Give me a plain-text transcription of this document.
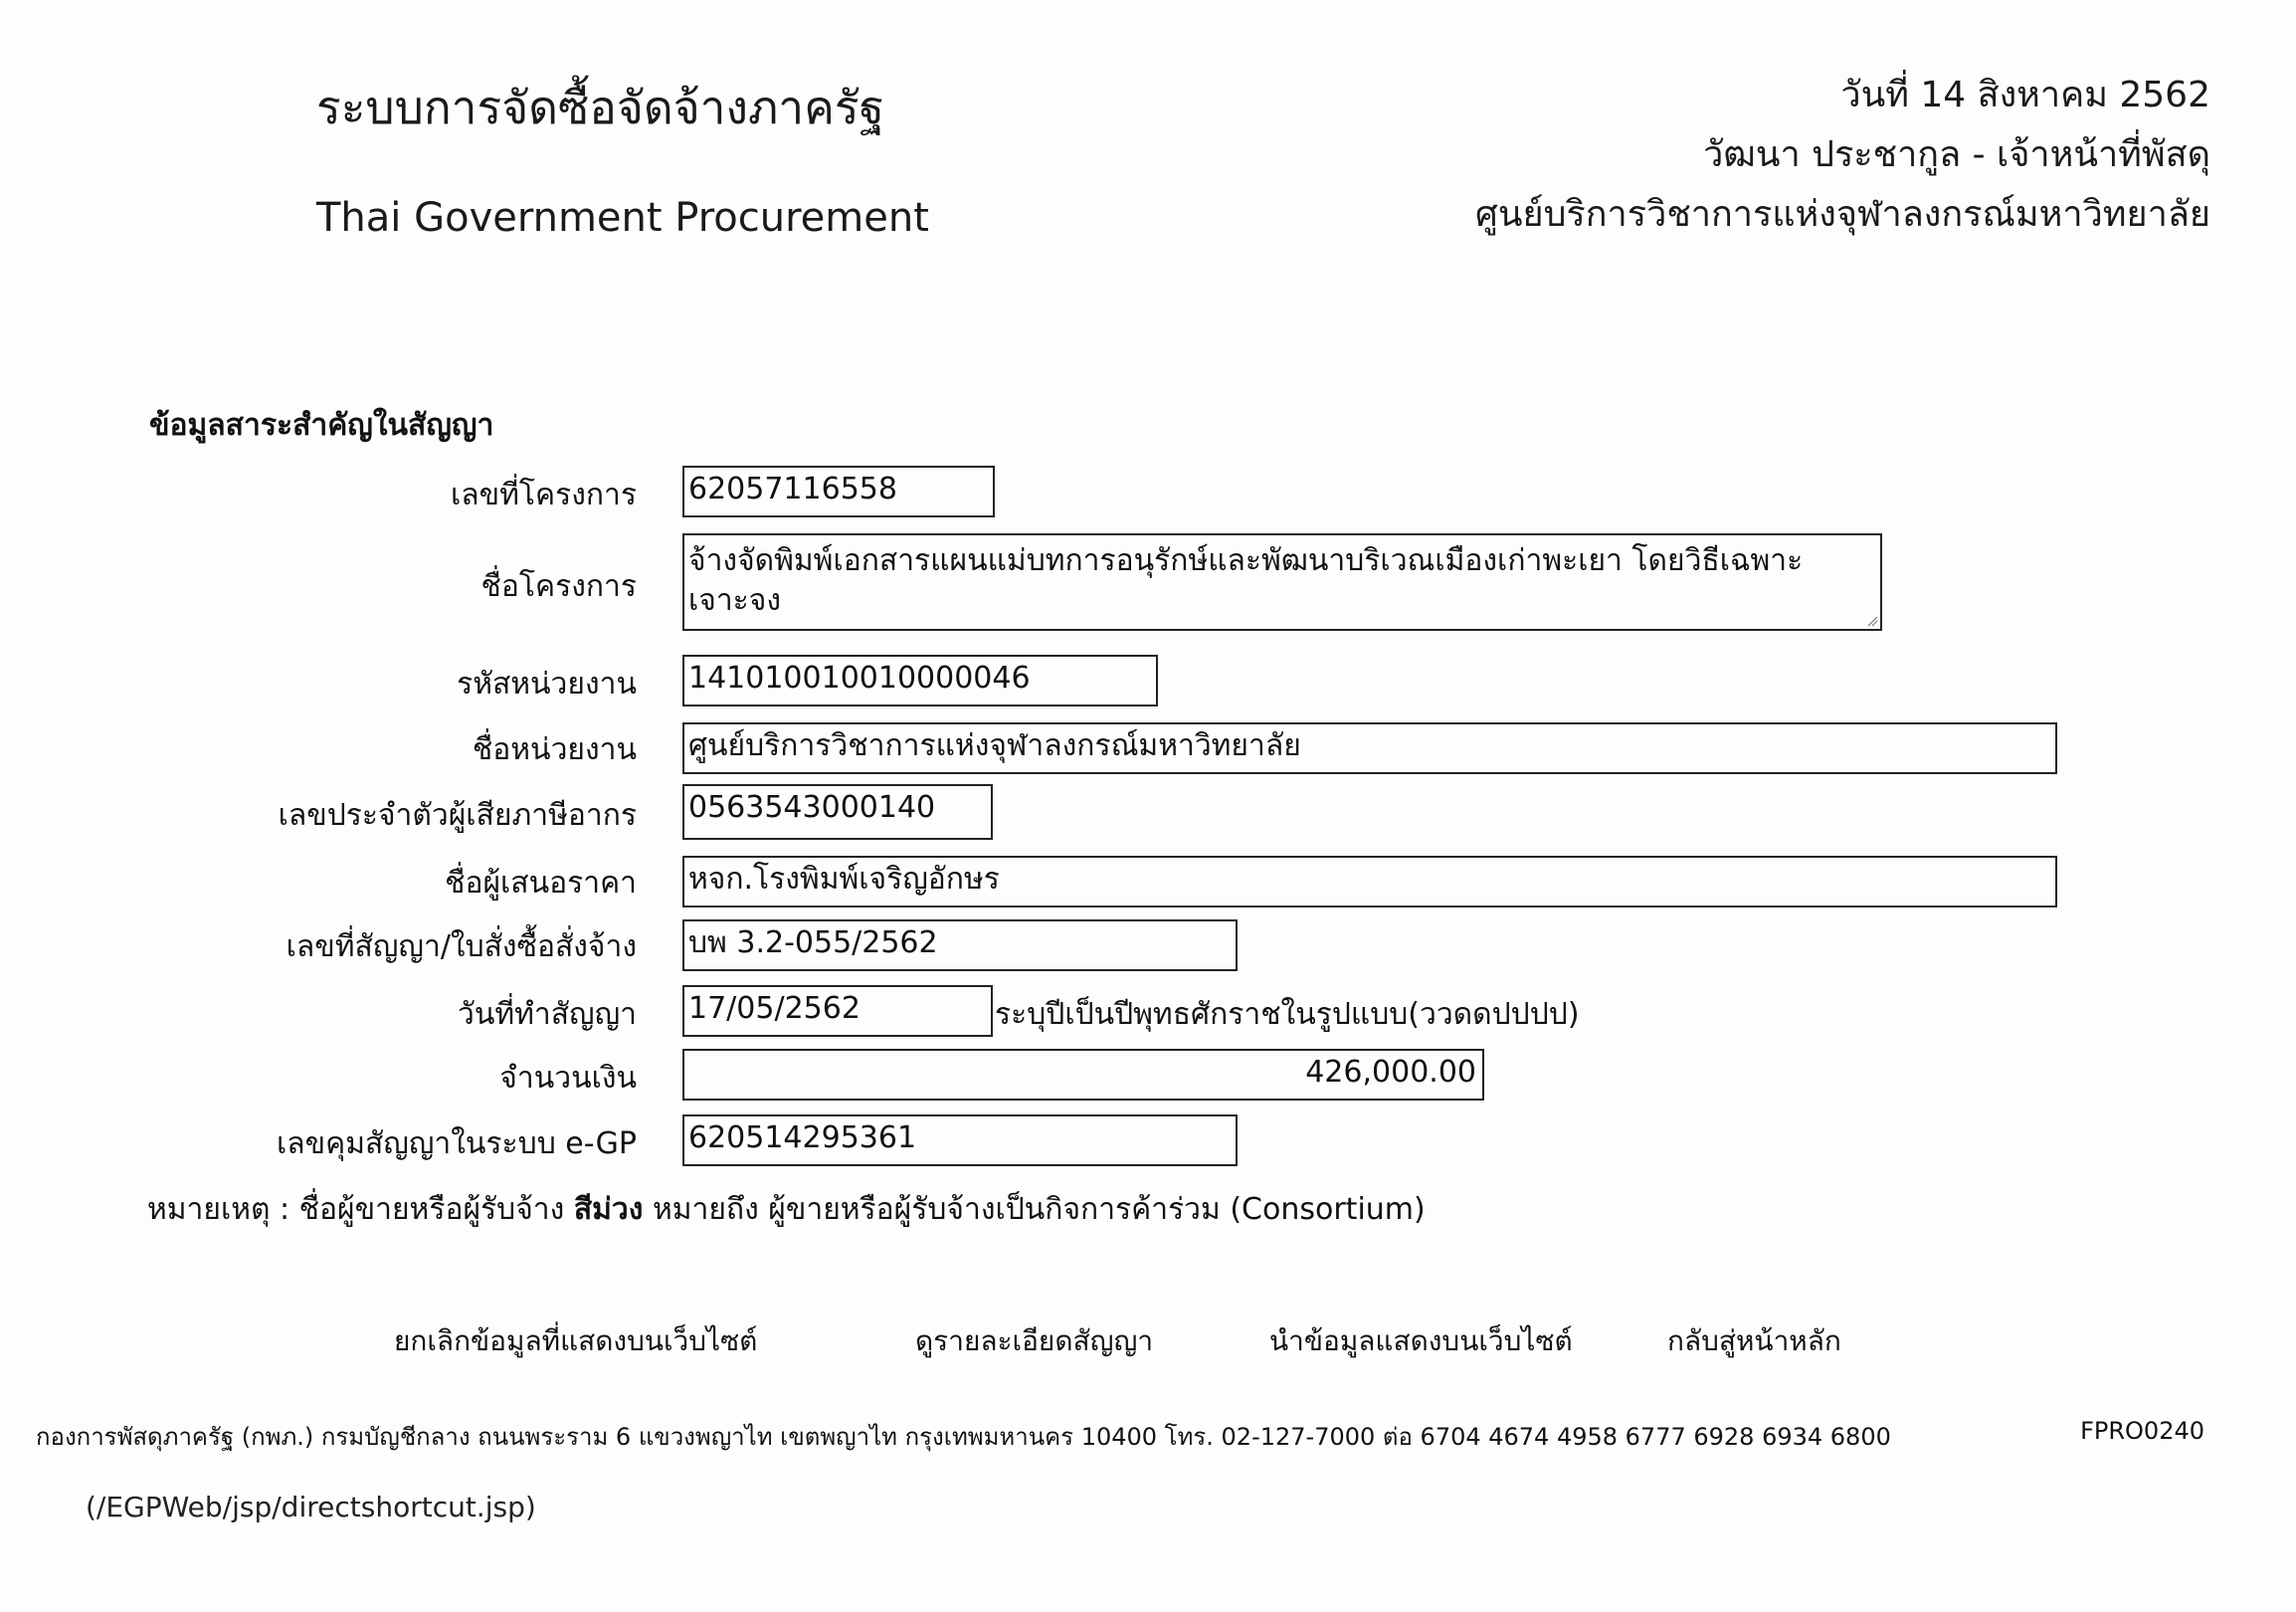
ระบบการจัดซื้อจัดจ้างภาครัฐ
Thai Government Procurement
วันที่ 14 สิงหาคม 2562
วัฒนา ประชากูล - เจ้าหน้าที่พัสดุ
ศูนย์บริการวิชาการแห่งจุฬาลงกรณ์มหาวิทยาลัย
ข้อมูลสาระสำคัญในสัญญา
เลขที่โครงการ 62057116558
ชื่อโครงการ
จ้างจัดพิมพ์เอกสารแผนแม่บทการอนุรักษ์และพัฒนาบริเวณเมืองเก่าพะเยา โดยวิธีเฉพาะเจาะจง
รหัสหน่วยงาน 141010010010000046
ชื่อหน่วยงาน ศูนย์บริการวิชาการแห่งจุฬาลงกรณ์มหาวิทยาลัย
เลขประจำตัวผู้เสียภาษีอากร 0563543000140
ชื่อผู้เสนอราคา หจก.โรงพิมพ์เจริญอักษร
เลขที่สัญญา/ใบสั่งซื้อสั่งจ้าง บพ 3.2-055/2562
วันที่ทำสัญญา 17/05/2562	ระบุปีเป็นปีพุทธศักราชในรูปแบบ(ววดดปปปป)
จำนวนเงิน	426,000.00
เลขคุมสัญญาในระบบ e-GP 620514295361
หมายเหตุ : ชื่อผู้ขายหรือผู้รับจ้าง สีม่วง หมายถึง ผู้ขายหรือผู้รับจ้างเป็นกิจการค้าร่วม (Consortium)
ยกเลิกข้อมูลที่แสดงบนเว็บไซต์	ดูรายละเอียดสัญญา	นำข้อมูลแสดงบนเว็บไซต์	กลับสู่หน้าหลัก
กองการพัสดุภาครัฐ (กพภ.) กรมบัญชีกลาง ถนนพระราม 6 แขวงพญาไท เขตพญาไท กรุงเทพมหานคร 10400 โทร. 02-127-7000 ต่อ 6704 4674 4958 6777 6928 6934 6800	FPRO0240
(/EGPWeb/jsp/directshortcut.jsp)
